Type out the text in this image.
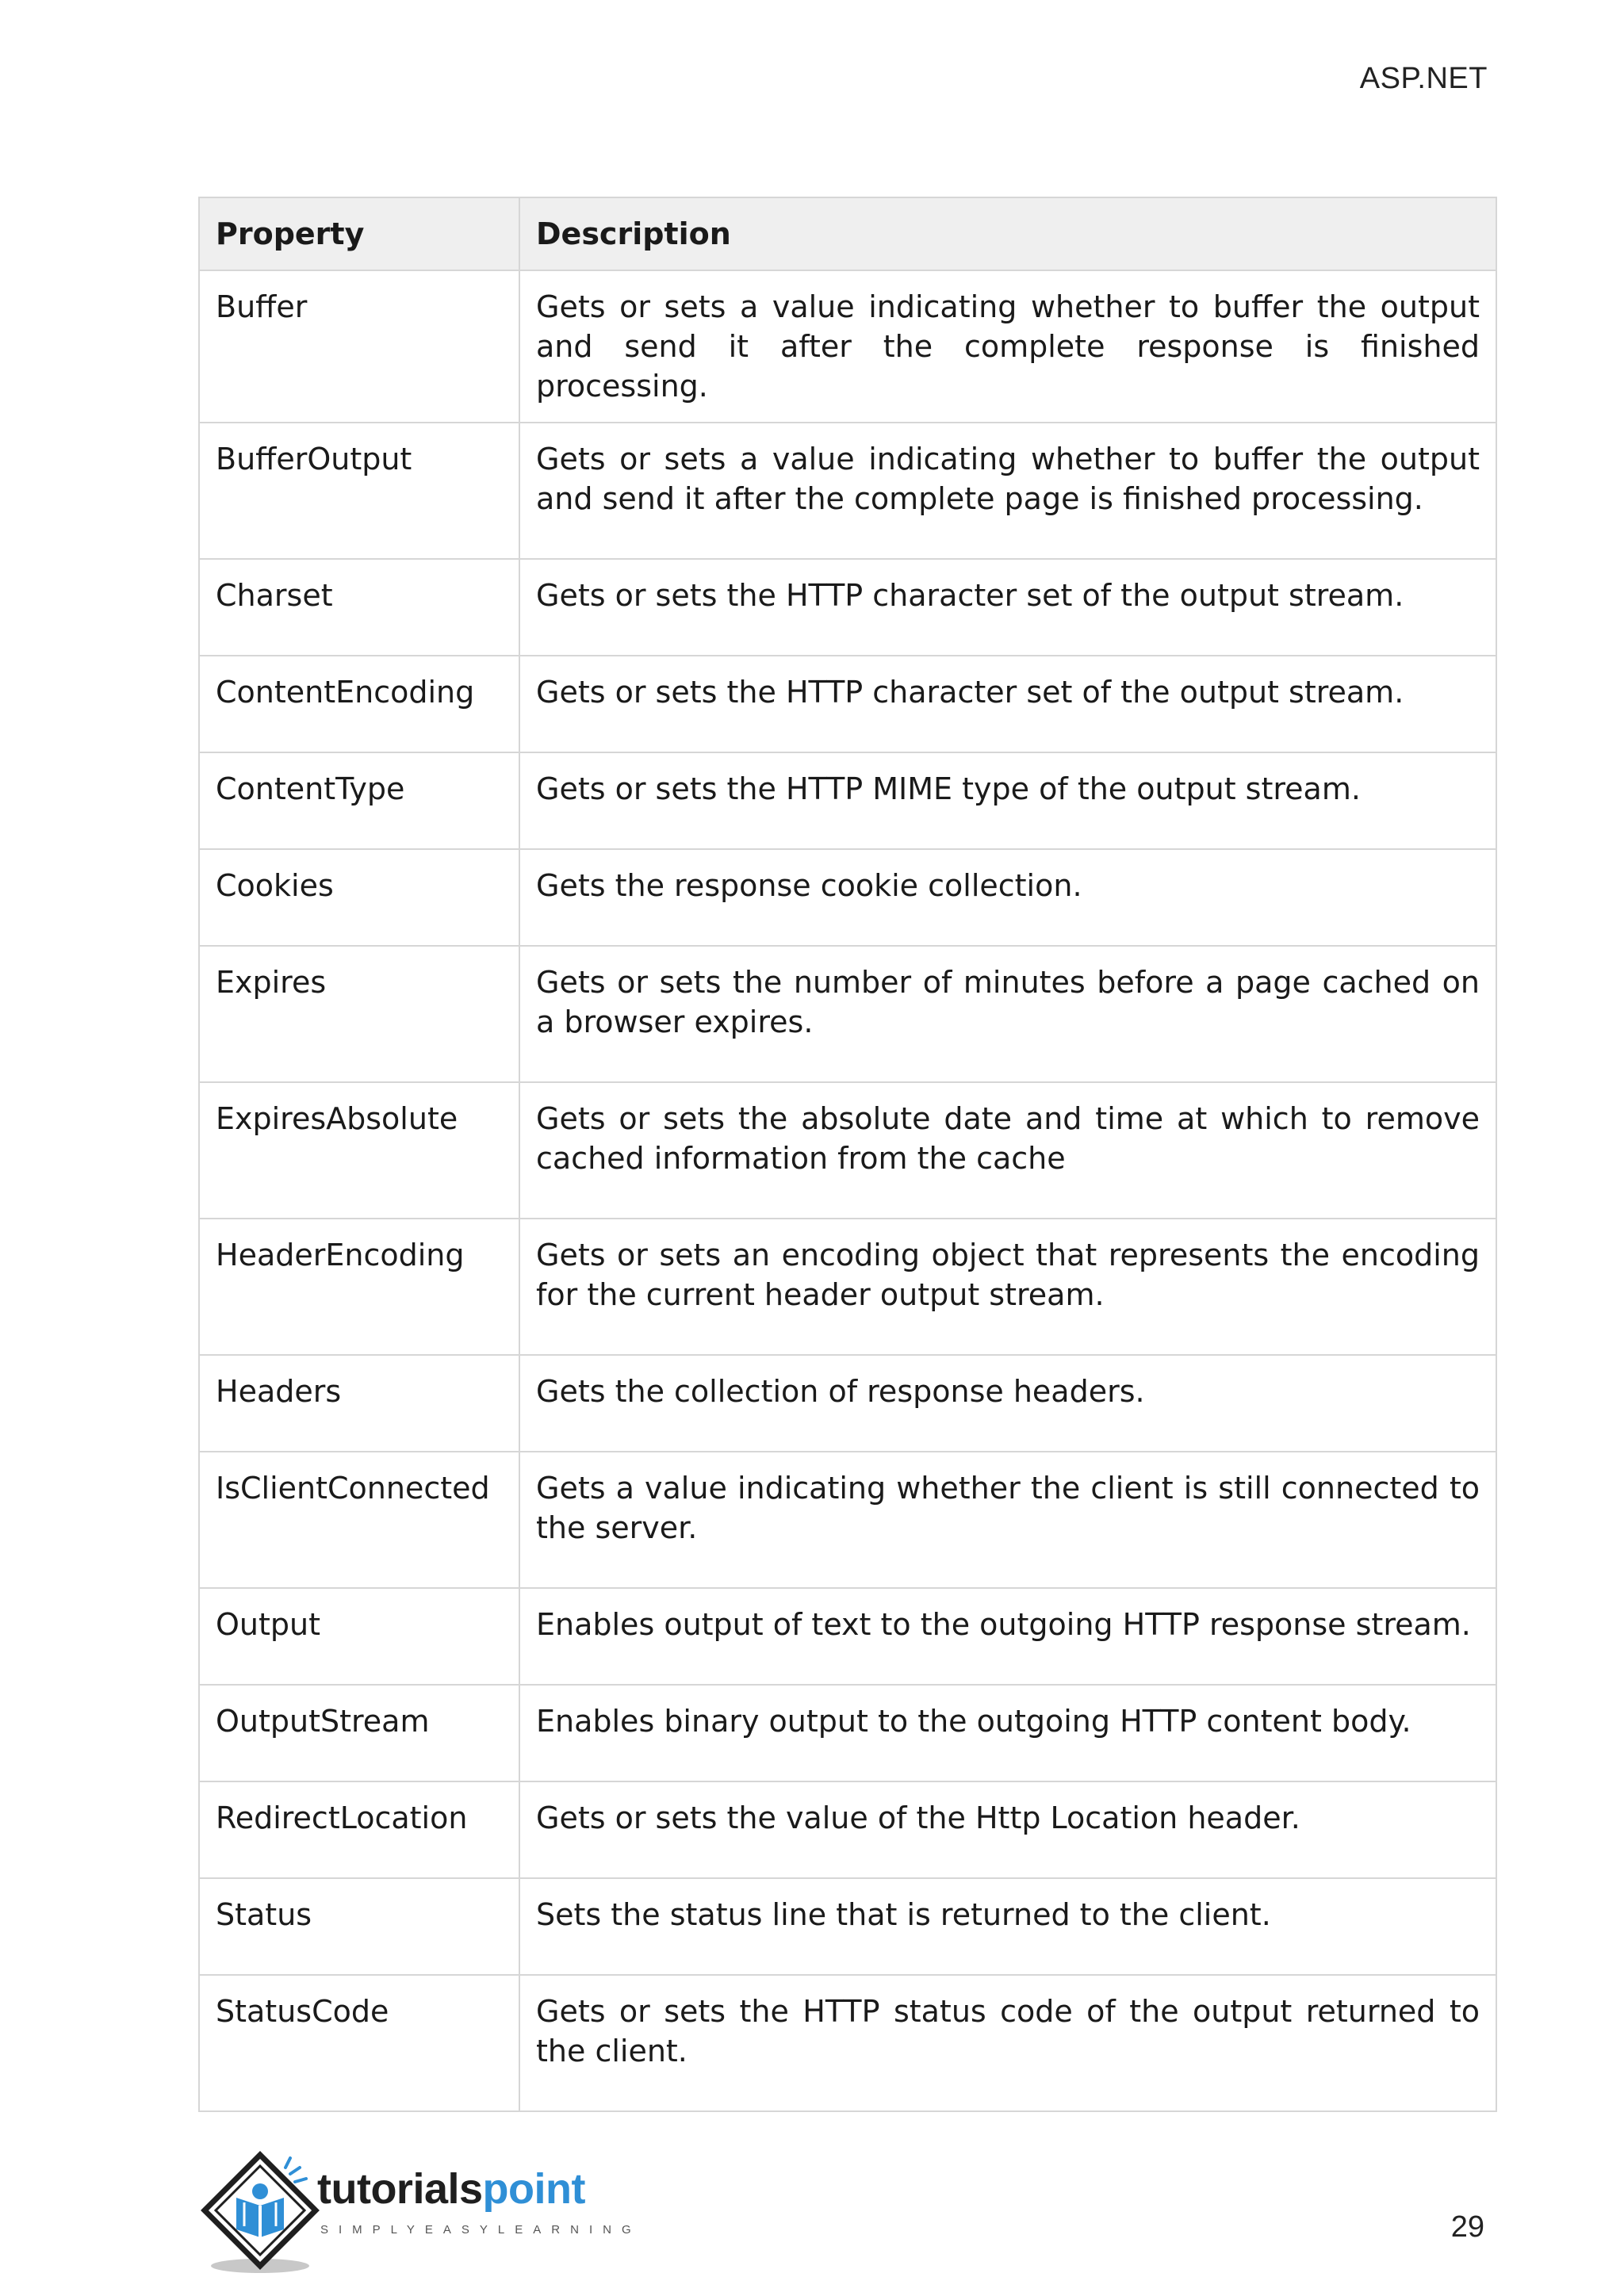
ASP.NET
Property	Description
Buffer	Gets or sets a value indicating whether to buffer the output and send it after the complete response is finished processing.
BufferOutput	Gets or sets a value indicating whether to buffer the output and send it after the complete page is finished processing.
Charset	Gets or sets the HTTP character set of the output stream.
ContentEncoding	Gets or sets the HTTP character set of the output stream.
ContentType	Gets or sets the HTTP MIME type of the output stream.
Cookies	Gets the response cookie collection.
Expires	Gets or sets the number of minutes before a page cached on a browser expires.
ExpiresAbsolute	Gets or sets the absolute date and time at which to remove cached information from the cache
HeaderEncoding	Gets or sets an encoding object that represents the encoding for the current header output stream.
Headers	Gets the collection of response headers.
IsClientConnected	Gets a value indicating whether the client is still connected to the server.
Output	Enables output of text to the outgoing HTTP response stream.
OutputStream	Enables binary output to the outgoing HTTP content body.
RedirectLocation	Gets or sets the value of the Http Location header.
Status	Sets the status line that is returned to the client.
StatusCode	Gets or sets the HTTP status code of the output returned to the client.
tutorialspoint
SIMPLYEASYLEARNING	29
